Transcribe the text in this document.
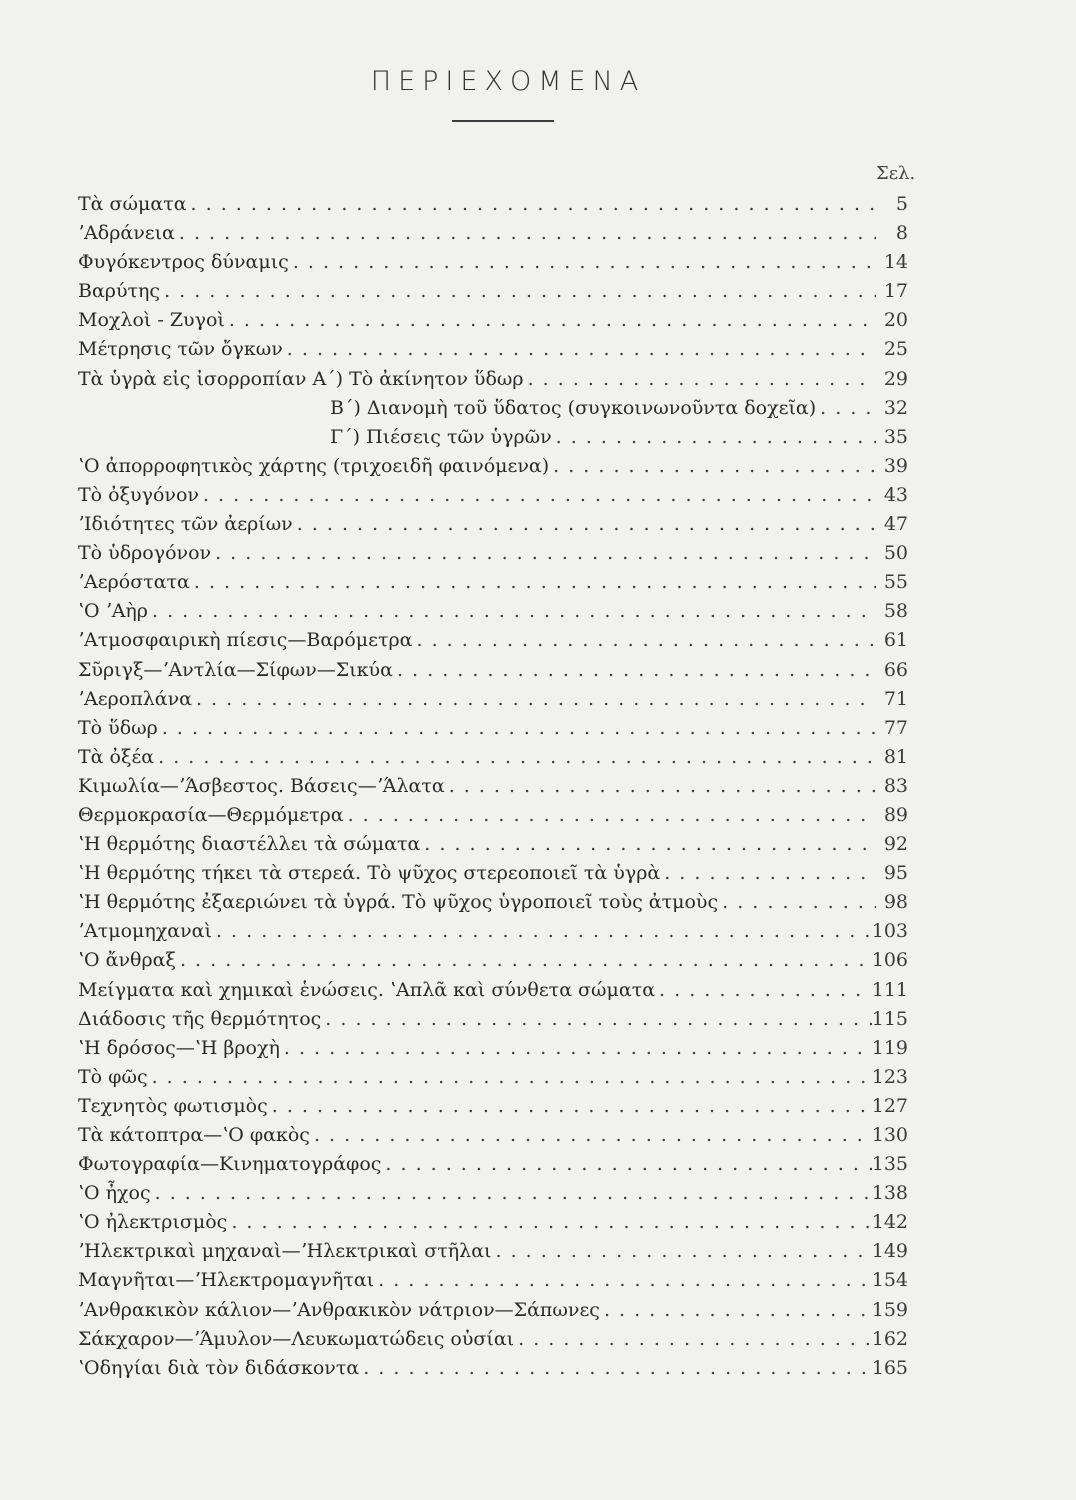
ΠΕΡΙΕΧΟΜΕΝΑ
Σελ.
Τὰ σώματα . . .	5
ʼΑδράνεια . . .	8
Φυγόκεντρος δύναμις . . .	14
Βαρύτης . . .	17
Μοχλοὶ - Ζυγοὶ . . .	20
Μέτρησις τῶν ὄγκων . . .	25
Τὰ ὑγρὰ εἰς ἰσορροπίαν Α΄) Τὸ ἀκίνητον ὕδωρ . . .	29
Β΄) Διανομὴ τοῦ ὕδατος (συγκοινωνοῦντα δοχεῖα) . . .	32
Γ΄) Πιέσεις τῶν ὑγρῶν . . .	35
ʽΟ ἀπορροφητικὸς χάρτης (τριχοειδῆ φαινόμενα) . . .	39
Τὸ ὀξυγόνον . . .	43
ʼΙδιότητες τῶν ἀερίων . . .	47
Τὸ ὑδρογόνον . . .	50
ʼΑερόστατα . . .	55
ʽΟ ʼΑὴρ . . .	58
ʼΑτμοσφαιρικὴ πίεσις—Βαρόμετρα . . .	61
Σῦριγξ—ʼΑντλία—Σίφων—Σικύα . . .	66
ʼΑεροπλάνα . . .	71
Τὸ ὕδωρ . . .	77
Τὰ ὀξέα . . .	81
Κιμωλία—ʼΆσβεστος. Βάσεις—ʼΆλατα . . .	83
Θερμοκρασία—Θερμόμετρα . . .	89
ʽΗ θερμότης διαστέλλει τὰ σώματα . . .	92
ʽΗ θερμότης τήκει τὰ στερεά. Τὸ ψῦχος στερεοποιεῖ τὰ ὑγρὰ . . .	95
ʽΗ θερμότης ἐξαεριώνει τὰ ὑγρά. Τὸ ψῦχος ὑγροποιεῖ τοὺς ἀτμοὺς . . .	98
ʼΑτμομηχαναὶ . . .	103
ʽΟ ἄνθραξ . . .	106
Μείγματα καὶ χημικαὶ ἑνώσεις. ʽΑπλᾶ καὶ σύνθετα σώματα . . .	111
Διάδοσις τῆς θερμότητος . . .	115
ʽΗ δρόσος—ʽΗ βροχὴ . . .	119
Τὸ φῶς . . .	123
Τεχνητὸς φωτισμὸς . . .	127
Τὰ κάτοπτρα—ʽΟ φακὸς . . .	130
Φωτογραφία—Κινηματογράφος . . .	135
ʽΟ ἦχος . . .	138
ʽΟ ἠλεκτρισμὸς . . .	142
ʼΗλεκτρικαὶ μηχαναὶ—ʼΗλεκτρικαὶ στῆλαι . . .	149
Μαγνῆται—ʼΗλεκτρομαγνῆται . . .	154
ʼΑνθρακικὸν κάλιον—ʼΑνθρακικὸν νάτριον—Σάπωνες . . .	159
Σάκχαρον—ʼΆμυλον—Λευκωματώδεις οὐσίαι . . .	162
ʽΟδηγίαι διὰ τὸν διδάσκοντα . . .	165
